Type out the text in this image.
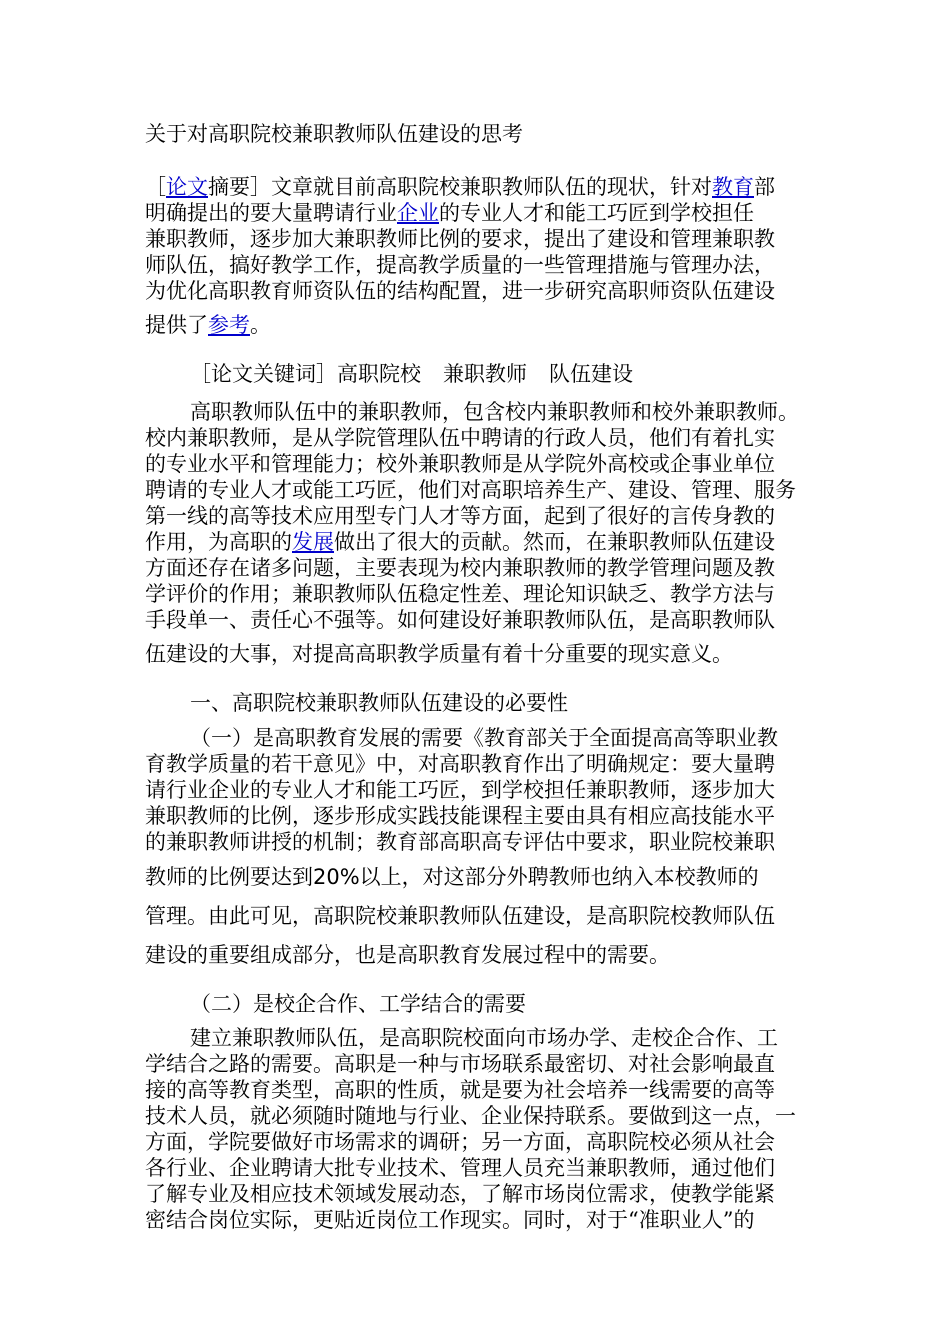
关于对高职院校兼职教师队伍建设的思考
［论文摘要］文章就目前高职院校兼职教师队伍的现状，针对教育部
明确提出的要大量聘请行业企业的专业人才和能工巧匠到学校担任
兼职教师，逐步加大兼职教师比例的要求，提出了建设和管理兼职教
师队伍，搞好教学工作，提高教学质量的一些管理措施与管理办法，
为优化高职教育师资队伍的结构配置，进一步研究高职师资队伍建设
提供了参考。
［论文关键词］高职院校 兼职教师 队伍建设
高职教师队伍中的兼职教师，包含校内兼职教师和校外兼职教师。
校内兼职教师，是从学院管理队伍中聘请的行政人员，他们有着扎实
的专业水平和管理能力；校外兼职教师是从学院外高校或企事业单位
聘请的专业人才或能工巧匠，他们对高职培养生产、建设、管理、服务
第一线的高等技术应用型专门人才等方面，起到了很好的言传身教的
作用，为高职的发展做出了很大的贡献。然而，在兼职教师队伍建设
方面还存在诸多问题，主要表现为校内兼职教师的教学管理问题及教
学评价的作用；兼职教师队伍稳定性差、理论知识缺乏、教学方法与
手段单一、责任心不强等。如何建设好兼职教师队伍，是高职教师队
伍建设的大事，对提高高职教学质量有着十分重要的现实意义。
一、高职院校兼职教师队伍建设的必要性
（一）是高职教育发展的需要《教育部关于全面提高高等职业教
育教学质量的若干意见》中，对高职教育作出了明确规定：要大量聘
请行业企业的专业人才和能工巧匠，到学校担任兼职教师，逐步加大
兼职教师的比例，逐步形成实践技能课程主要由具有相应高技能水平
的兼职教师讲授的机制；教育部高职高专评估中要求，职业院校兼职
教师的比例要达到20%以上，对这部分外聘教师也纳入本校教师的
管理。由此可见，高职院校兼职教师队伍建设，是高职院校教师队伍
建设的重要组成部分，也是高职教育发展过程中的需要。
（二）是校企合作、工学结合的需要
建立兼职教师队伍，是高职院校面向市场办学、走校企合作、工
学结合之路的需要。高职是一种与市场联系最密切、对社会影响最直
接的高等教育类型，高职的性质，就是要为社会培养一线需要的高等
技术人员，就必须随时随地与行业、企业保持联系。要做到这一点，一
方面，学院要做好市场需求的调研；另一方面，高职院校必须从社会
各行业、企业聘请大批专业技术、管理人员充当兼职教师，通过他们
了解专业及相应技术领域发展动态，了解市场岗位需求，使教学能紧
密结合岗位实际，更贴近岗位工作现实。同时，对于“准职业人”的
